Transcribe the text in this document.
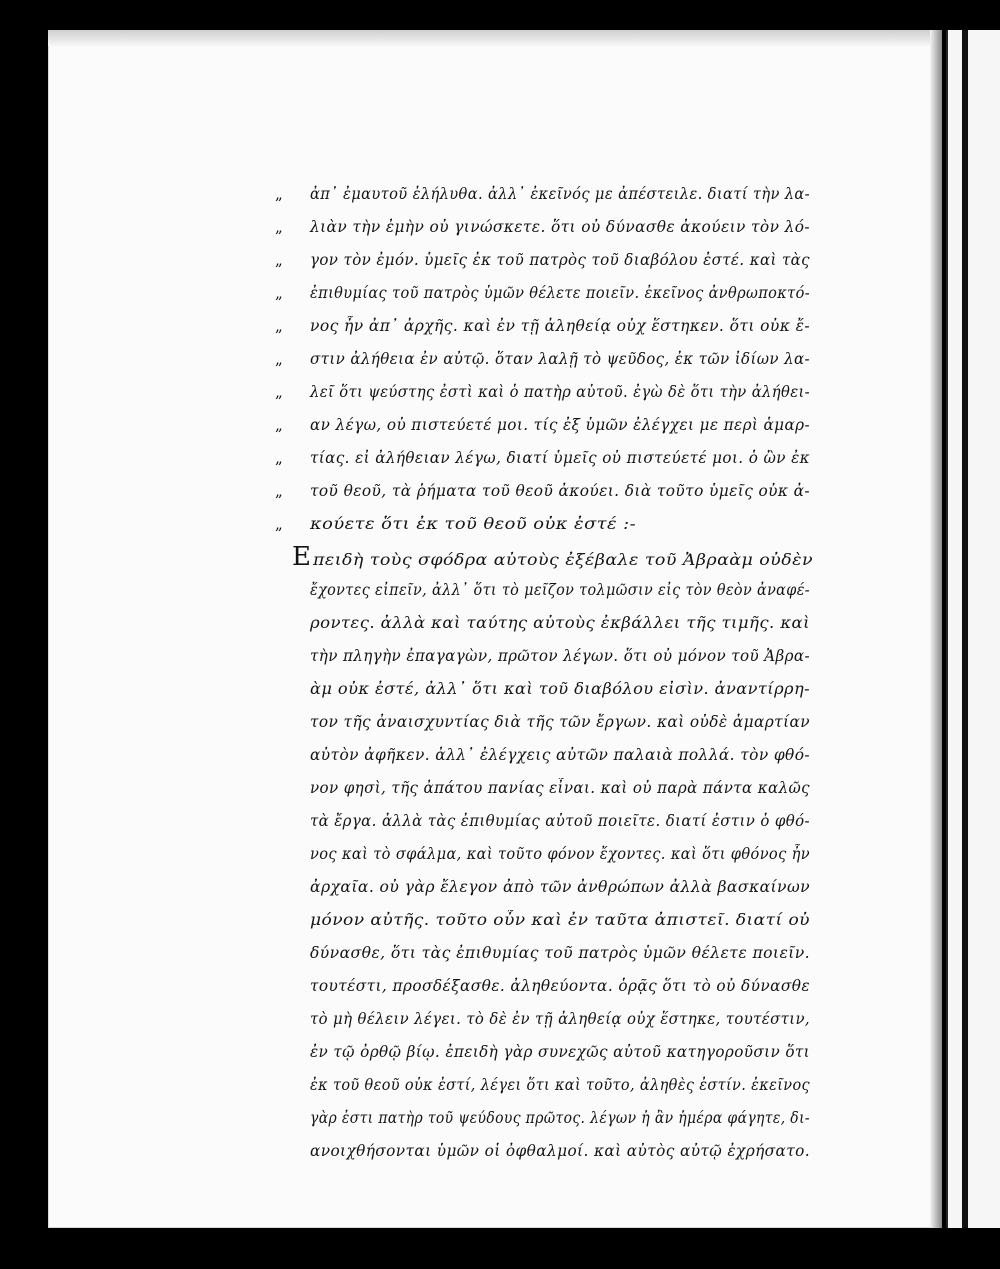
„ ἀπ᾽ ἐμαυτοῦ ἐλήλυθα. ἀλλ᾽ ἐκεῖνός με ἀπέστειλε. διατί τὴν λα-
„ λιὰν τὴν ἐμὴν οὐ γινώσκετε. ὅτι οὐ δύνασθε ἀκούειν τὸν λό-
„ γον τὸν ἐμόν. ὑμεῖς ἐκ τοῦ πατρὸς τοῦ διαβόλου ἐστέ. καὶ τὰς
„ ἐπιθυμίας τοῦ πατρὸς ὑμῶν θέλετε ποιεῖν. ἐκεῖνος ἀνθρωποκτό-
„ νος ἦν ἀπ᾽ ἀρχῆς. καὶ ἐν τῇ ἀληθείᾳ οὐχ ἕστηκεν. ὅτι οὐκ ἔ-
„ στιν ἀλήθεια ἐν αὐτῷ. ὅταν λαλῇ τὸ ψεῦδος, ἐκ τῶν ἰδίων λα-
„ λεῖ ὅτι ψεύστης ἐστὶ καὶ ὁ πατὴρ αὐτοῦ. ἐγὼ δὲ ὅτι τὴν ἀλήθει-
„ αν λέγω, οὐ πιστεύετέ μοι. τίς ἐξ ὑμῶν ἐλέγχει με περὶ ἁμαρ-
„ τίας. εἰ ἀλήθειαν λέγω, διατί ὑμεῖς οὐ πιστεύετέ μοι. ὁ ὢν ἐκ
„ τοῦ θεοῦ, τὰ ῥήματα τοῦ θεοῦ ἀκούει. διὰ τοῦτο ὑμεῖς οὐκ ἀ-
„ κούετε ὅτι ἐκ τοῦ θεοῦ οὐκ ἐστέ :-
Ε πειδὴ τοὺς σφόδρα αὐτοὺς ἐξέβαλε τοῦ Ἀβραὰμ οὐδὲν
ἔχοντες εἰπεῖν, ἀλλ᾽ ὅτι τὸ μεῖζον τολμῶσιν εἰς τὸν θεὸν ἀναφέ-
ροντες. ἀλλὰ καὶ ταύτης αὐτοὺς ἐκβάλλει τῆς τιμῆς. καὶ
τὴν πληγὴν ἐπαγαγὼν, πρῶτον λέγων. ὅτι οὐ μόνον τοῦ Ἀβρα-
ὰμ οὐκ ἐστέ, ἀλλ᾽ ὅτι καὶ τοῦ διαβόλου εἰσὶν. ἀναντίρρη-
τον τῆς ἀναισχυντίας διὰ τῆς τῶν ἔργων. καὶ οὐδὲ ἁμαρτίαν
αὐτὸν ἀφῆκεν. ἀλλ᾽ ἐλέγχεις αὐτῶν παλαιὰ πολλά. τὸν φθό-
νον φησὶ, τῆς ἀπάτου πανίας εἶναι. καὶ οὐ παρὰ πάντα καλῶς
τὰ ἔργα. ἀλλὰ τὰς ἐπιθυμίας αὐτοῦ ποιεῖτε. διατί ἐστιν ὁ φθό-
νος καὶ τὸ σφάλμα, καὶ τοῦτο φόνον ἔχοντες. καὶ ὅτι φθόνος ἦν
ἀρχαῖα. οὐ γὰρ ἔλεγον ἀπὸ τῶν ἀνθρώπων ἀλλὰ βασκαίνων
μόνον αὐτῆς. τοῦτο οὖν καὶ ἐν ταῦτα ἀπιστεῖ. διατί οὐ
δύνασθε, ὅτι τὰς ἐπιθυμίας τοῦ πατρὸς ὑμῶν θέλετε ποιεῖν.
τουτέστι, προσδέξασθε. ἀληθεύοντα. ὁρᾷς ὅτι τὸ οὐ δύνασθε
τὸ μὴ θέλειν λέγει. τὸ δὲ ἐν τῇ ἀληθείᾳ οὐχ ἕστηκε, τουτέστιν,
ἐν τῷ ὀρθῷ βίῳ. ἐπειδὴ γὰρ συνεχῶς αὐτοῦ κατηγοροῦσιν ὅτι
ἐκ τοῦ θεοῦ οὐκ ἐστί, λέγει ὅτι καὶ τοῦτο, ἀληθὲς ἐστίν. ἐκεῖνος
γὰρ ἐστι πατὴρ τοῦ ψεύδους πρῶτος. λέγων ἡ ἂν ἡμέρα φάγητε, δι-
ανοιχθήσονται ὑμῶν οἱ ὀφθαλμοί. καὶ αὐτὸς αὐτῷ ἐχρήσατο.
